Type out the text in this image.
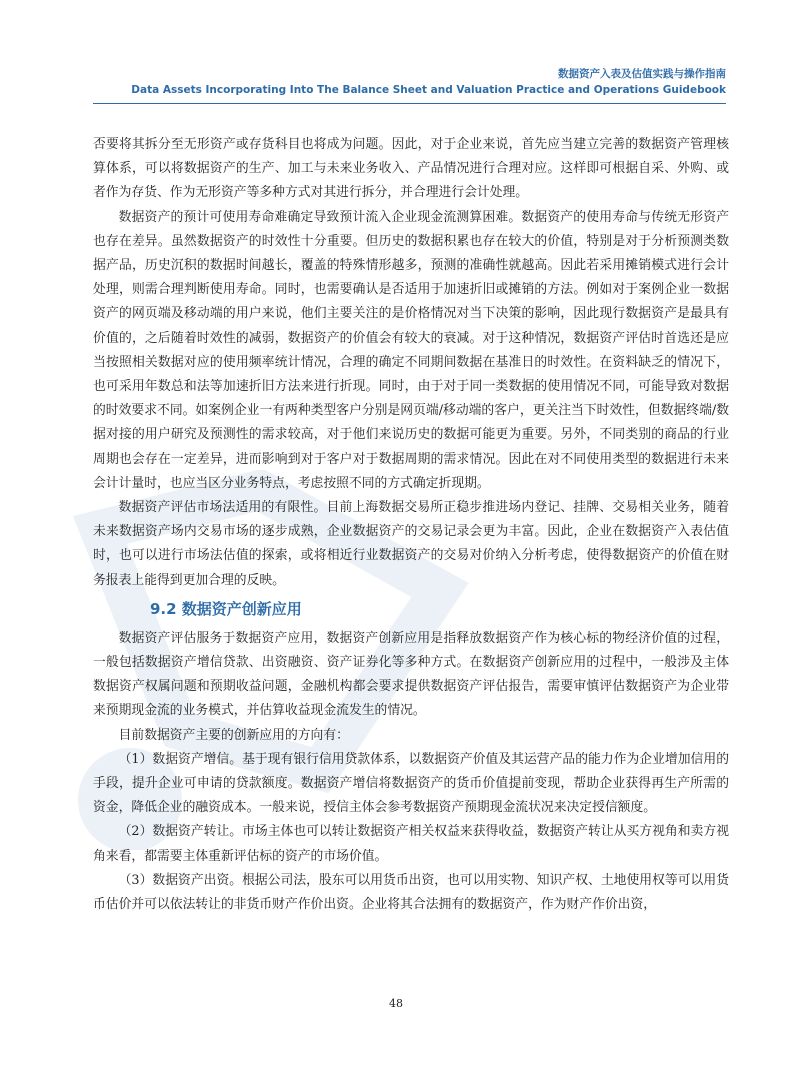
数据资产入表及估值实践与操作指南
Data Assets Incorporating Into The Balance Sheet and Valuation Practice and Operations Guidebook

否要将其拆分至无形资产或存货科目也将成为问题。因此，对于企业来说，首先应当建立完善的数据资产管理核算体系，可以将数据资产的生产、加工与未来业务收入、产品情况进行合理对应。这样即可根据自采、外购、或者作为存货、作为无形资产等多种方式对其进行拆分，并合理进行会计处理。

数据资产的预计可使用寿命难确定导致预计流入企业现金流测算困难。数据资产的使用寿命与传统无形资产也存在差异。虽然数据资产的时效性十分重要。但历史的数据积累也存在较大的价值，特别是对于分析预测类数据产品，历史沉积的数据时间越长，覆盖的特殊情形越多，预测的准确性就越高。因此若采用摊销模式进行会计处理，则需合理判断使用寿命。同时，也需要确认是否适用于加速折旧或摊销的方法。例如对于案例企业一数据资产的网页端及移动端的用户来说，他们主要关注的是价格情况对当下决策的影响，因此现行数据资产是最具有价值的，之后随着时效性的减弱，数据资产的价值会有较大的衰减。对于这种情况，数据资产评估时首选还是应当按照相关数据对应的使用频率统计情况，合理的确定不同期间数据在基准日的时效性。在资料缺乏的情况下，也可采用年数总和法等加速折旧方法来进行折现。同时，由于对于同一类数据的使用情况不同，可能导致对数据的时效要求不同。如案例企业一有两种类型客户分别是网页端/移动端的客户，更关注当下时效性，但数据终端/数据对接的用户研究及预测性的需求较高，对于他们来说历史的数据可能更为重要。另外，不同类别的商品的行业周期也会存在一定差异，进而影响到对于客户对于数据周期的需求情况。因此在对不同使用类型的数据进行未来会计计量时，也应当区分业务特点，考虑按照不同的方式确定折现期。

数据资产评估市场法适用的有限性。目前上海数据交易所正稳步推进场内登记、挂牌、交易相关业务，随着未来数据资产场内交易市场的逐步成熟，企业数据资产的交易记录会更为丰富。因此，企业在数据资产入表估值时，也可以进行市场法估值的探索，或将相近行业数据资产的交易对价纳入分析考虑，使得数据资产的价值在财务报表上能得到更加合理的反映。

9.2 数据资产创新应用

数据资产评估服务于数据资产应用，数据资产创新应用是指释放数据资产作为核心标的物经济价值的过程，一般包括数据资产增信贷款、出资融资、资产证券化等多种方式。在数据资产创新应用的过程中，一般涉及主体数据资产权属问题和预期收益问题，金融机构都会要求提供数据资产评估报告，需要审慎评估数据资产为企业带来预期现金流的业务模式，并估算收益现金流发生的情况。

目前数据资产主要的创新应用的方向有：

（1）数据资产增信。基于现有银行信用贷款体系，以数据资产价值及其运营产品的能力作为企业增加信用的手段，提升企业可申请的贷款额度。数据资产增信将数据资产的货币价值提前变现，帮助企业获得再生产所需的资金，降低企业的融资成本。一般来说，授信主体会参考数据资产预期现金流状况来决定授信额度。

（2）数据资产转让。市场主体也可以转让数据资产相关权益来获得收益，数据资产转让从买方视角和卖方视角来看，都需要主体重新评估标的资产的市场价值。

（3）数据资产出资。根据公司法，股东可以用货币出资，也可以用实物、知识产权、土地使用权等可以用货币估价并可以依法转让的非货币财产作价出资。企业将其合法拥有的数据资产，作为财产作价出资，

48
